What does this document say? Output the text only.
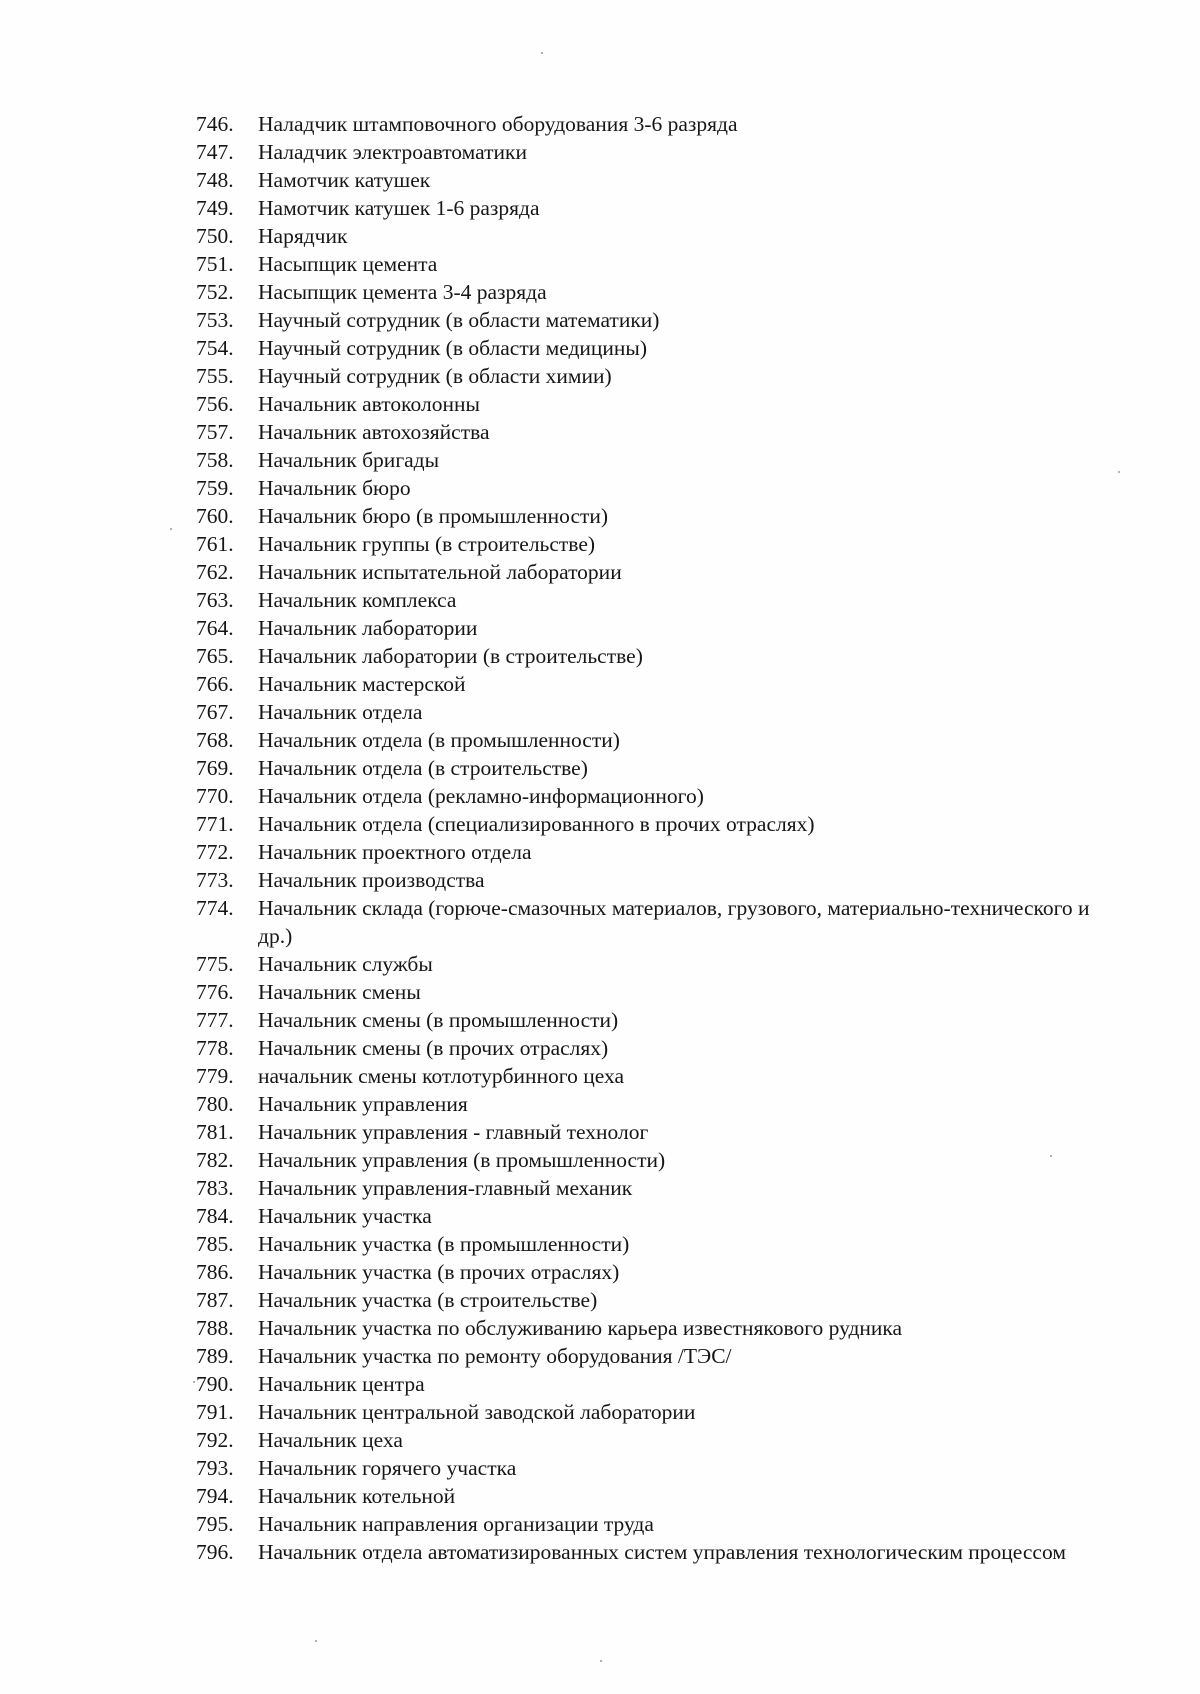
746.	Наладчик штамповочного оборудования 3-6 разряда
747.	Наладчик электроавтоматики
748.	Намотчик катушек
749.	Намотчик катушек 1-6 разряда
750.	Нарядчик
751.	Насыпщик цемента
752.	Насыпщик цемента 3-4 разряда
753.	Научный сотрудник (в области математики)
754.	Научный сотрудник (в области медицины)
755.	Научный сотрудник (в области химии)
756.	Начальник автоколонны
757.	Начальник автохозяйства
758.	Начальник бригады
759.	Начальник бюро
760.	Начальник бюро (в промышленности)
761.	Начальник группы (в строительстве)
762.	Начальник испытательной лаборатории
763.	Начальник комплекса
764.	Начальник лаборатории
765.	Начальник лаборатории (в строительстве)
766.	Начальник мастерской
767.	Начальник отдела
768.	Начальник отдела (в промышленности)
769.	Начальник отдела (в строительстве)
770.	Начальник отдела (рекламно-информационного)
771.	Начальник отдела (специализированного в прочих отраслях)
772.	Начальник проектного отдела
773.	Начальник производства
774.	Начальник склада (горюче-смазочных материалов, грузового, материально-технического и др.)
775.	Начальник службы
776.	Начальник смены
777.	Начальник смены (в промышленности)
778.	Начальник смены (в прочих отраслях)
779.	начальник смены котлотурбинного цеха
780.	Начальник управления
781.	Начальник управления - главный технолог
782.	Начальник управления (в промышленности)
783.	Начальник управления-главный механик
784.	Начальник участка
785.	Начальник участка (в промышленности)
786.	Начальник участка (в прочих отраслях)
787.	Начальник участка (в строительстве)
788.	Начальник участка по обслуживанию карьера известнякового рудника
789.	Начальник участка по ремонту оборудования /ТЭС/
790.	Начальник центра
791.	Начальник центральной заводской лаборатории
792.	Начальник цеха
793.	Начальник горячего участка
794.	Начальник котельной
795.	Начальник направления организации труда
796.	Начальник отдела автоматизированных систем управления технологическим процессом
